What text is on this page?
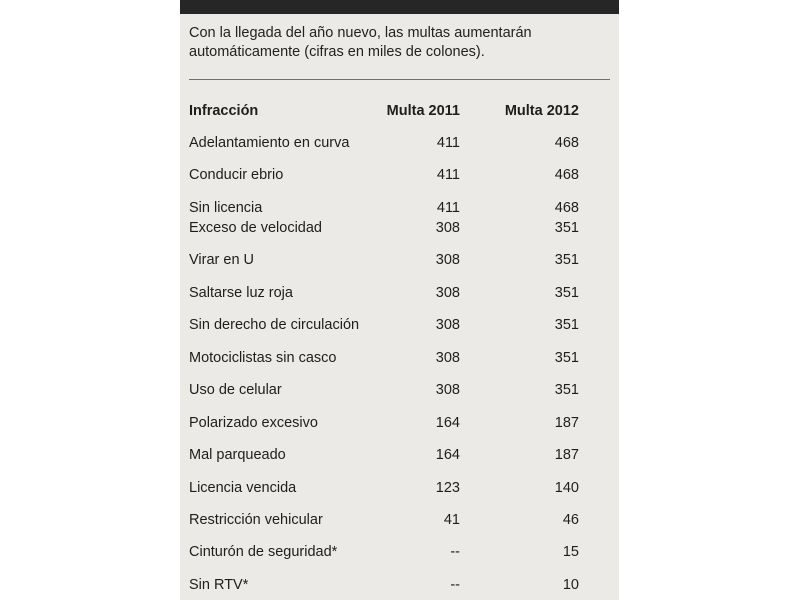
Con la llegada del año nuevo, las multas aumentarán automáticamente (cifras en miles de colones).
Infracción	Multa 2011	Multa 2012
Adelantamiento en curva	411	468
Conducir ebrio	411	468
Sin licencia	411	468
Exceso de velocidad	308	351
Virar en U	308	351
Saltarse luz roja	308	351
Sin derecho de circulación	308	351
Motociclistas sin casco	308	351
Uso de celular	308	351
Polarizado excesivo	164	187
Mal parqueado	164	187
Licencia vencida	123	140
Restricción vehicular	41	46
Cinturón de seguridad*	--	15
Sin RTV*	--	10
